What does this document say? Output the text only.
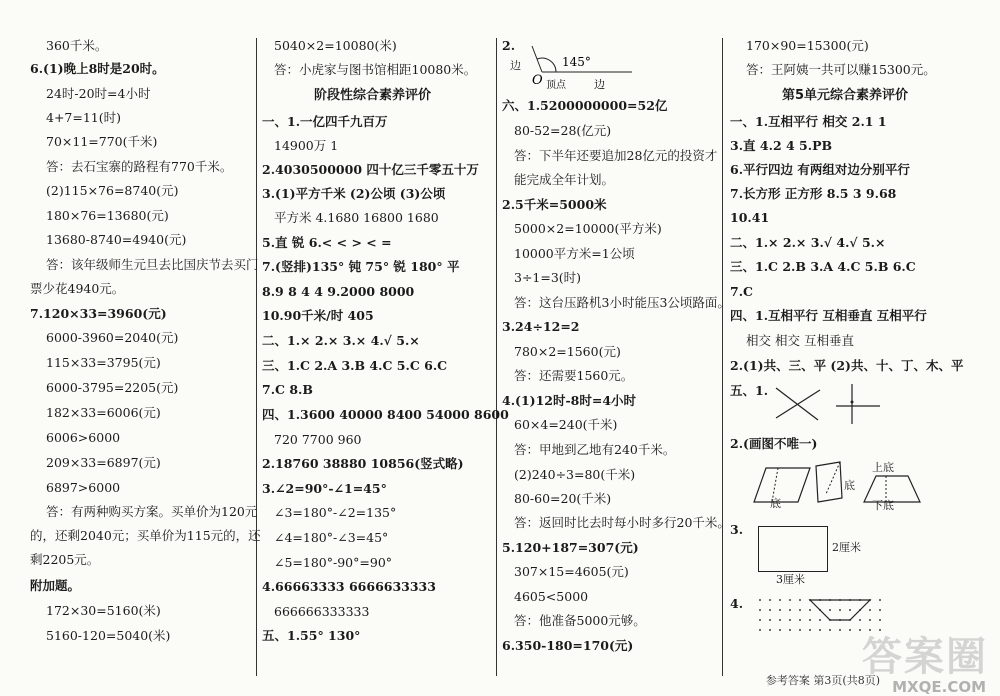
360千米。
6.(1)晚上8时是20时。
24时-20时=4小时
4+7=11(时)
70×11=770(千米)
答：去石宝寨的路程有770千米。
(2)115×76=8740(元)
180×76=13680(元)
13680-8740=4940(元)
答：该年级师生元旦去比国庆节去买门
票少花4940元。
7.120×33=3960(元)
6000-3960=2040(元)
115×33=3795(元)
6000-3795=2205(元)
182×33=6006(元)
6006>6000
209×33=6897(元)
6897>6000
答：有两种购买方案。买单价为120元
的，还剩2040元；买单价为115元的，还
剩2205元。
附加题。
172×30=5160(米)
5160-120=5040(米)
5040×2=10080(米)
答：小虎家与图书馆相距10080米。
阶段性综合素养评价
一、1.一亿四千九百万
14900万 1
2.4030500000 四十亿三千零五十万
3.(1)平方千米 (2)公顷 (3)公顷
平方米 4.1680 16800 1680
5.直 锐 6.< < > < =
7.(竖排)135° 钝 75° 锐 180° 平
8.9 8 4 4 9.2000 8000
10.90千米/时 405
二、1.× 2.× 3.× 4.√ 5.×
三、1.C 2.A 3.B 4.C 5.C 6.C
7.C 8.B
四、1.3600 40000 8400 54000 8600
720 7700 960
2.18760 38880 10856(竖式略)
3.∠2=90°-∠1=45°
∠3=180°-∠2=135°
∠4=180°-∠3=45°
∠5=180°-90°=90°
4.66663333 6666633333
666666333333
五、1.55° 130°
2.
145°
O 顶点	边
边
六、1.5200000000=52亿
80-52=28(亿元)
答：下半年还要追加28亿元的投资才
能完成全年计划。
2.5千米=5000米
5000×2=10000(平方米)
10000平方米=1公顷
3÷1=3(时)
答：这台压路机3小时能压3公顷路面。
3.24÷12=2
780×2=1560(元)
答：还需要1560元。
4.(1)12时-8时=4小时
60×4=240(千米)
答：甲地到乙地有240千米。
(2)240÷3=80(千米)
80-60=20(千米)
答：返回时比去时每小时多行20千米。
5.120+187=307(元)
307×15=4605(元)
4605<5000
答：他准备5000元够。
6.350-180=170(元)
170×90=15300(元)
答：王阿姨一共可以赚15300元。
第5单元综合素养评价
一、1.互相平行 相交 2.1 1
3.直 4.2 4 5.PB
6.平行四边 有两组对边分别平行
7.长方形 正方形 8.5 3 9.68
10.41
二、1.× 2.× 3.√ 4.√ 5.×
三、1.C 2.B 3.A 4.C 5.B 6.C
7.C
四、1.互相平行 互相垂直 互相平行
相交 相交 互相垂直
2.(1)共、三、平 (2)共、十、丁、木、平
五、1.
2.(画图不唯一)
底
底
上底
下底
3.
2厘米
3厘米
4.
答案圈
MXQE.COM
参考答案 第3页(共8页)
